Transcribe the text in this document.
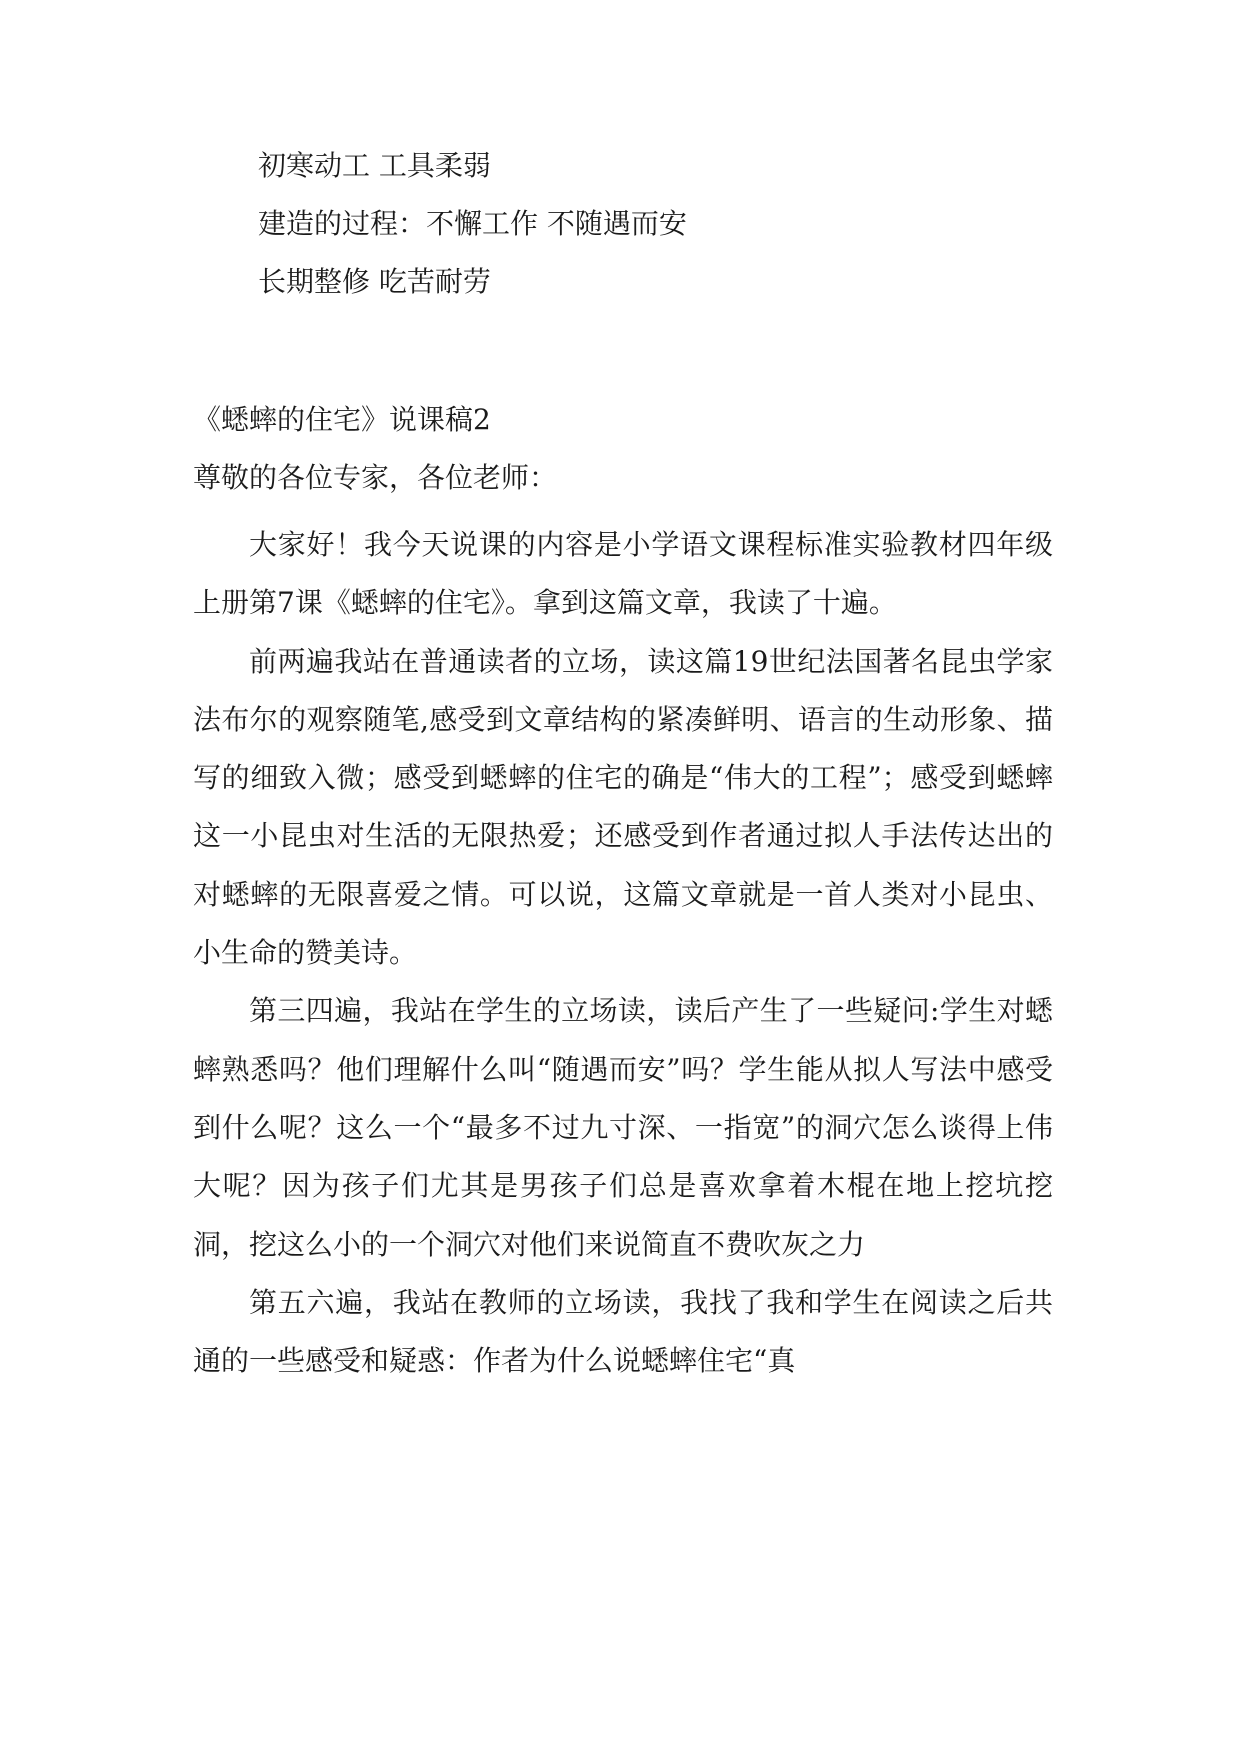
初寒动工 工具柔弱
建造的过程：不懈工作 不随遇而安
长期整修 吃苦耐劳
《蟋蟀的住宅》说课稿2
尊敬的各位专家，各位老师：

大家好！我今天说课的内容是小学语文课程标准实验教材四年级上册第7课《蟋蟀的住宅》。拿到这篇文章，我读了十遍。

前两遍我站在普通读者的立场，读这篇19世纪法国著名昆虫学家法布尔的观察随笔,感受到文章结构的紧凑鲜明、语言的生动形象、描写的细致入微；感受到蟋蟀的住宅的确是“伟大的工程”；感受到蟋蟀这一小昆虫对生活的无限热爱；还感受到作者通过拟人手法传达出的对蟋蟀的无限喜爱之情。可以说，这篇文章就是一首人类对小昆虫、小生命的赞美诗。

第三四遍，我站在学生的立场读，读后产生了一些疑问:学生对蟋蟀熟悉吗？他们理解什么叫“随遇而安”吗？学生能从拟人写法中感受到什么呢？这么一个“最多不过九寸深、一指宽”的洞穴怎么谈得上伟大呢？因为孩子们尤其是男孩子们总是喜欢拿着木棍在地上挖坑挖洞，挖这么小的一个洞穴对他们来说简直不费吹灰之力

第五六遍，我站在教师的立场读，我找了我和学生在阅读之后共通的一些感受和疑惑：作者为什么说蟋蟀住宅“真
